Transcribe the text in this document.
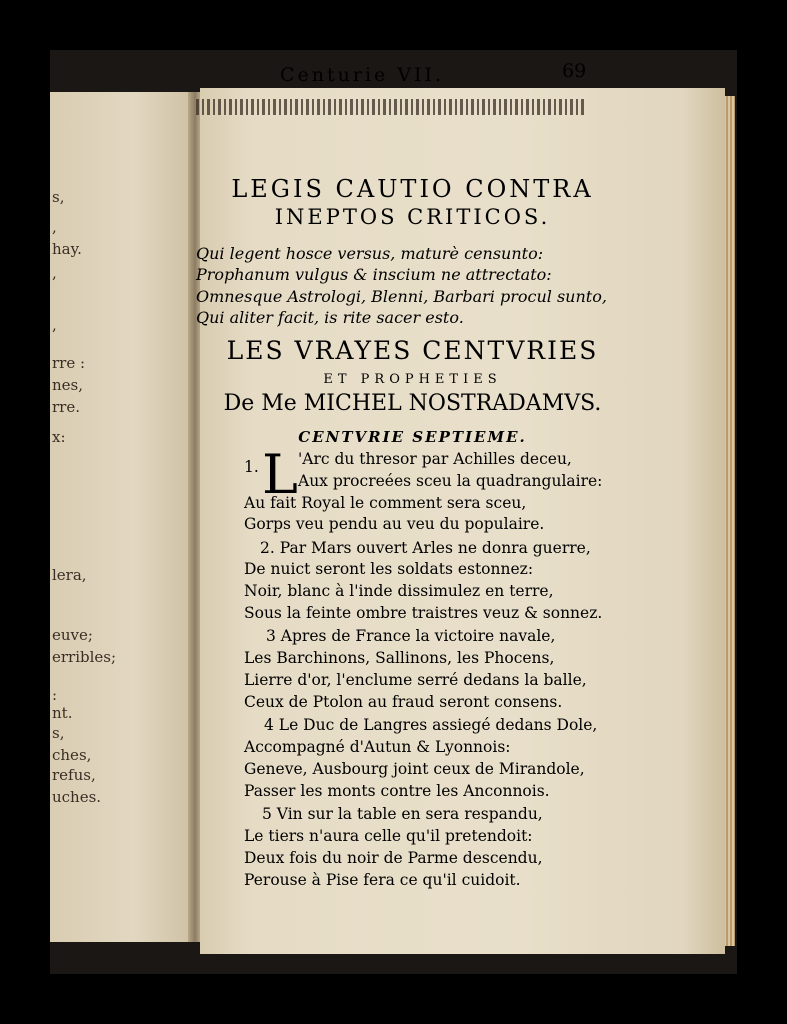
s,
,
hay.
,
,
rre :
nes,
rre.
x:
lera,
euve;
erribles;
:
nt.
s,
ches,
refus,
uches.
Centurie VII.	69
LEGIS CAUTIO CONTRA
INEPTOS CRITICOS.
Qui legent hosce versus, maturè censunto:
Prophanum vulgus & inscium ne attrectato:
Omnesque Astrologi, Blenni, Barbari procul sunto,
Qui aliter facit, is rite sacer esto.
LES VRAYES CENTVRIES
ET PROPHETIES
De Me MICHEL NOSTRADAMVS.
CENTVRIE SEPTIEME.
1. L 'Arc du thresor par Achilles deceu,
Aux procreées sceu la quadrangulaire:
Au fait Royal le comment sera sceu,
Gorps veu pendu au veu du populaire.
2. Par Mars ouvert Arles ne donra guerre,
De nuict seront les soldats estonnez:
Noir, blanc à l'inde dissimulez en terre,
Sous la feinte ombre traistres veuz & sonnez.
3 Apres de France la victoire navale,
Les Barchinons, Sallinons, les Phocens,
Lierre d'or, l'enclume serré dedans la balle,
Ceux de Ptolon au fraud seront consens.
4 Le Duc de Langres assiegé dedans Dole,
Accompagné d'Autun & Lyonnois:
Geneve, Ausbourg joint ceux de Mirandole,
Passer les monts contre les Anconnois.
5 Vin sur la table en sera respandu,
Le tiers n'aura celle qu'il pretendoit:
Deux fois du noir de Parme descendu,
Perouse à Pise fera ce qu'il cuidoit.
